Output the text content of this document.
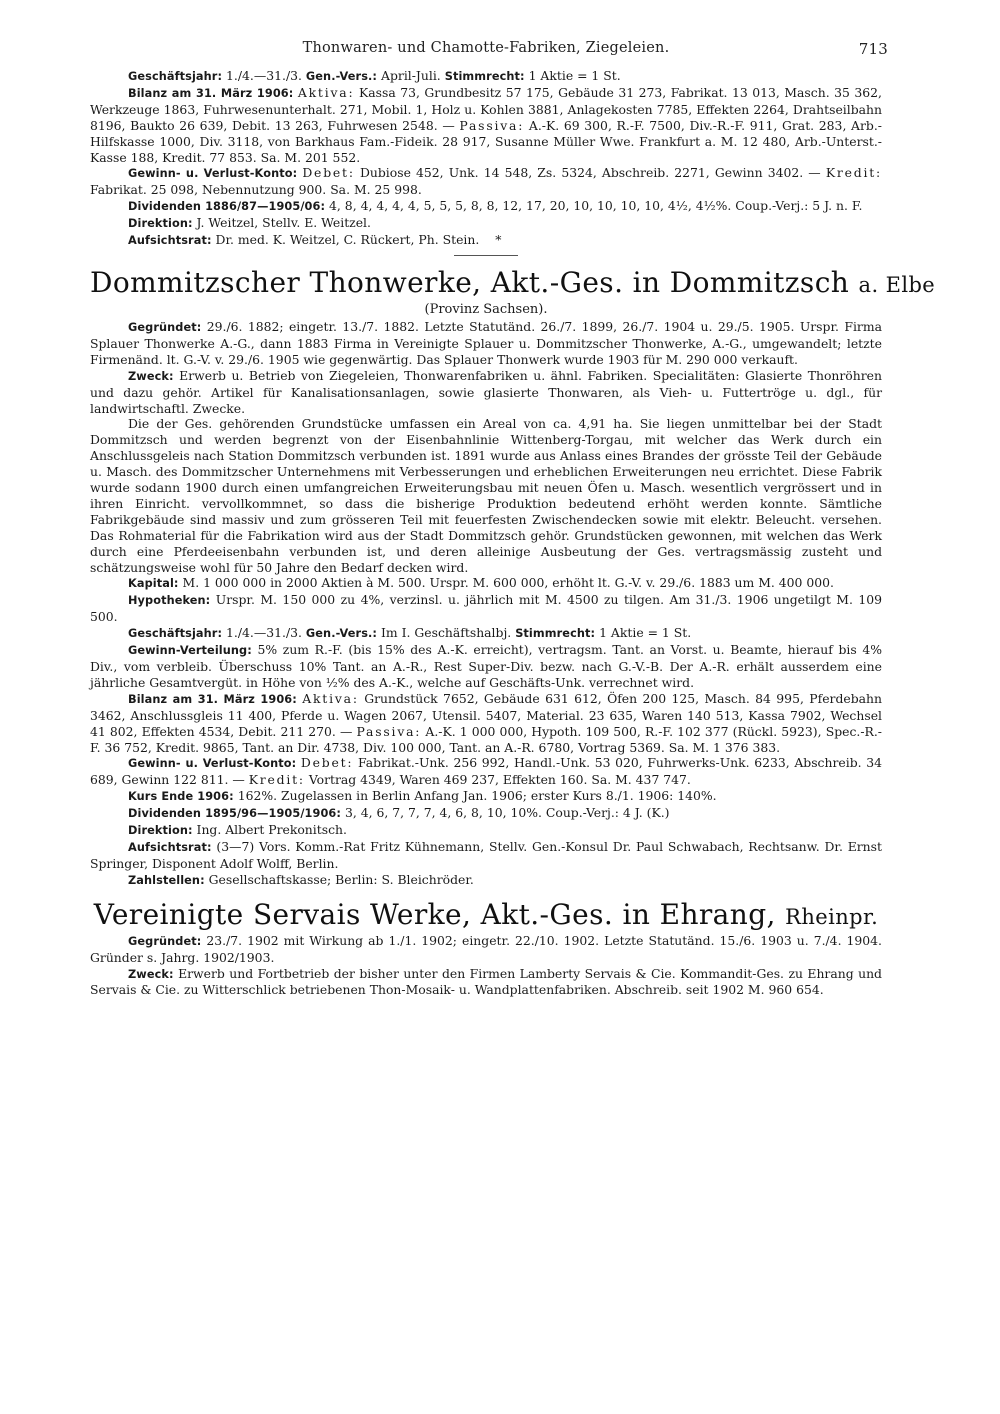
Thonwaren- und Chamotte-Fabriken, Ziegeleien.	713

Geschäftsjahr: 1./4.—31./3. Gen.-Vers.: April-Juli. Stimmrecht: 1 Aktie = 1 St.

Bilanz am 31. März 1906: Aktiva: Kassa 73, Grundbesitz 57 175, Gebäude 31 273, Fabrikat. 13 013, Masch. 35 362, Werkzeuge 1863, Fuhrwesenunterhalt. 271, Mobil. 1, Holz u. Kohlen 3881, Anlagekosten 7785, Effekten 2264, Drahtseilbahn 8196, Baukto 26 639, Debit. 13 263, Fuhrwesen 2548. — Passiva: A.-K. 69 300, R.-F. 7500, Div.-R.-F. 911, Grat. 283, Arb.-Hilfskasse 1000, Div. 3118, von Barkhaus Fam.-Fideik. 28 917, Susanne Müller Wwe. Frankfurt a. M. 12 480, Arb.-Unterst.-Kasse 188, Kredit. 77 853. Sa. M. 201 552.

Gewinn- u. Verlust-Konto: Debet: Dubiose 452, Unk. 14 548, Zs. 5324, Abschreib. 2271, Gewinn 3402. — Kredit: Fabrikat. 25 098, Nebennutzung 900. Sa. M. 25 998.

Dividenden 1886/87—1905/06: 4, 8, 4, 4, 4, 4, 5, 5, 5, 8, 8, 12, 17, 20, 10, 10, 10, 10, 4½, 4½%. Coup.-Verj.: 5 J. n. F.

Direktion: J. Weitzel, Stellv. E. Weitzel.

Aufsichtsrat: Dr. med. K. Weitzel, C. Rückert, Ph. Stein. *

Dommitzscher Thonwerke, Akt.-Ges. in Dommitzsch a. Elbe
(Provinz Sachsen).

Gegründet: 29./6. 1882; eingetr. 13./7. 1882. Letzte Statutänd. 26./7. 1899, 26./7. 1904 u. 29./5. 1905. Urspr. Firma Splauer Thonwerke A.-G., dann 1883 Firma in Vereinigte Splauer u. Dommitzscher Thonwerke, A.-G., umgewandelt; letzte Firmenänd. lt. G.-V. v. 29./6. 1905 wie gegenwärtig. Das Splauer Thonwerk wurde 1903 für M. 290 000 verkauft.

Zweck: Erwerb u. Betrieb von Ziegeleien, Thonwarenfabriken u. ähnl. Fabriken. Specialitäten: Glasierte Thonröhren und dazu gehör. Artikel für Kanalisationsanlagen, sowie glasierte Thonwaren, als Vieh- u. Futtertröge u. dgl., für landwirtschaftl. Zwecke.

Die der Ges. gehörenden Grundstücke umfassen ein Areal von ca. 4,91 ha. Sie liegen unmittelbar bei der Stadt Dommitzsch und werden begrenzt von der Eisenbahnlinie Wittenberg-Torgau, mit welcher das Werk durch ein Anschlussgeleis nach Station Dommitzsch verbunden ist. 1891 wurde aus Anlass eines Brandes der grösste Teil der Gebäude u. Masch. des Dommitzscher Unternehmens mit Verbesserungen und erheblichen Erweiterungen neu errichtet. Diese Fabrik wurde sodann 1900 durch einen umfangreichen Erweiterungsbau mit neuen Öfen u. Masch. wesentlich vergrössert und in ihren Einricht. vervollkommnet, so dass die bisherige Produktion bedeutend erhöht werden konnte. Sämtliche Fabrikgebäude sind massiv und zum grösseren Teil mit feuerfesten Zwischendecken sowie mit elektr. Beleucht. versehen. Das Rohmaterial für die Fabrikation wird aus der Stadt Dommitzsch gehör. Grundstücken gewonnen, mit welchen das Werk durch eine Pferdeeisenbahn verbunden ist, und deren alleinige Ausbeutung der Ges. vertragsmässig zusteht und schätzungsweise wohl für 50 Jahre den Bedarf decken wird.

Kapital: M. 1 000 000 in 2000 Aktien à M. 500. Urspr. M. 600 000, erhöht lt. G.-V. v. 29./6. 1883 um M. 400 000.

Hypotheken: Urspr. M. 150 000 zu 4%, verzinsl. u. jährlich mit M. 4500 zu tilgen. Am 31./3. 1906 ungetilgt M. 109 500.

Geschäftsjahr: 1./4.—31./3. Gen.-Vers.: Im I. Geschäftshalbj. Stimmrecht: 1 Aktie = 1 St.

Gewinn-Verteilung: 5% zum R.-F. (bis 15% des A.-K. erreicht), vertragsm. Tant. an Vorst. u. Beamte, hierauf bis 4% Div., vom verbleib. Überschuss 10% Tant. an A.-R., Rest Super-Div. bezw. nach G.-V.-B. Der A.-R. erhält ausserdem eine jährliche Gesamtvergüt. in Höhe von ½% des A.-K., welche auf Geschäfts-Unk. verrechnet wird.

Bilanz am 31. März 1906: Aktiva: Grundstück 7652, Gebäude 631 612, Öfen 200 125, Masch. 84 995, Pferdebahn 3462, Anschlussgleis 11 400, Pferde u. Wagen 2067, Utensil. 5407, Material. 23 635, Waren 140 513, Kassa 7902, Wechsel 41 802, Effekten 4534, Debit. 211 270. — Passiva: A.-K. 1 000 000, Hypoth. 109 500, R.-F. 102 377 (Rückl. 5923), Spec.-R.-F. 36 752, Kredit. 9865, Tant. an Dir. 4738, Div. 100 000, Tant. an A.-R. 6780, Vortrag 5369. Sa. M. 1 376 383.

Gewinn- u. Verlust-Konto: Debet: Fabrikat.-Unk. 256 992, Handl.-Unk. 53 020, Fuhrwerks-Unk. 6233, Abschreib. 34 689, Gewinn 122 811. — Kredit: Vortrag 4349, Waren 469 237, Effekten 160. Sa. M. 437 747.

Kurs Ende 1906: 162%. Zugelassen in Berlin Anfang Jan. 1906; erster Kurs 8./1. 1906: 140%.

Dividenden 1895/96—1905/1906: 3, 4, 6, 7, 7, 7, 4, 6, 8, 10, 10%. Coup.-Verj.: 4 J. (K.)

Direktion: Ing. Albert Prekonitsch.

Aufsichtsrat: (3—7) Vors. Komm.-Rat Fritz Kühnemann, Stellv. Gen.-Konsul Dr. Paul Schwabach, Rechtsanw. Dr. Ernst Springer, Disponent Adolf Wolff, Berlin.

Zahlstellen: Gesellschaftskasse; Berlin: S. Bleichröder.

Vereinigte Servais Werke, Akt.-Ges. in Ehrang, Rheinpr.

Gegründet: 23./7. 1902 mit Wirkung ab 1./1. 1902; eingetr. 22./10. 1902. Letzte Statutänd. 15./6. 1903 u. 7./4. 1904. Gründer s. Jahrg. 1902/1903.

Zweck: Erwerb und Fortbetrieb der bisher unter den Firmen Lamberty Servais & Cie. Kommandit-Ges. zu Ehrang und Servais & Cie. zu Witterschlick betriebenen Thon-Mosaik- u. Wandplattenfabriken. Abschreib. seit 1902 M. 960 654.
